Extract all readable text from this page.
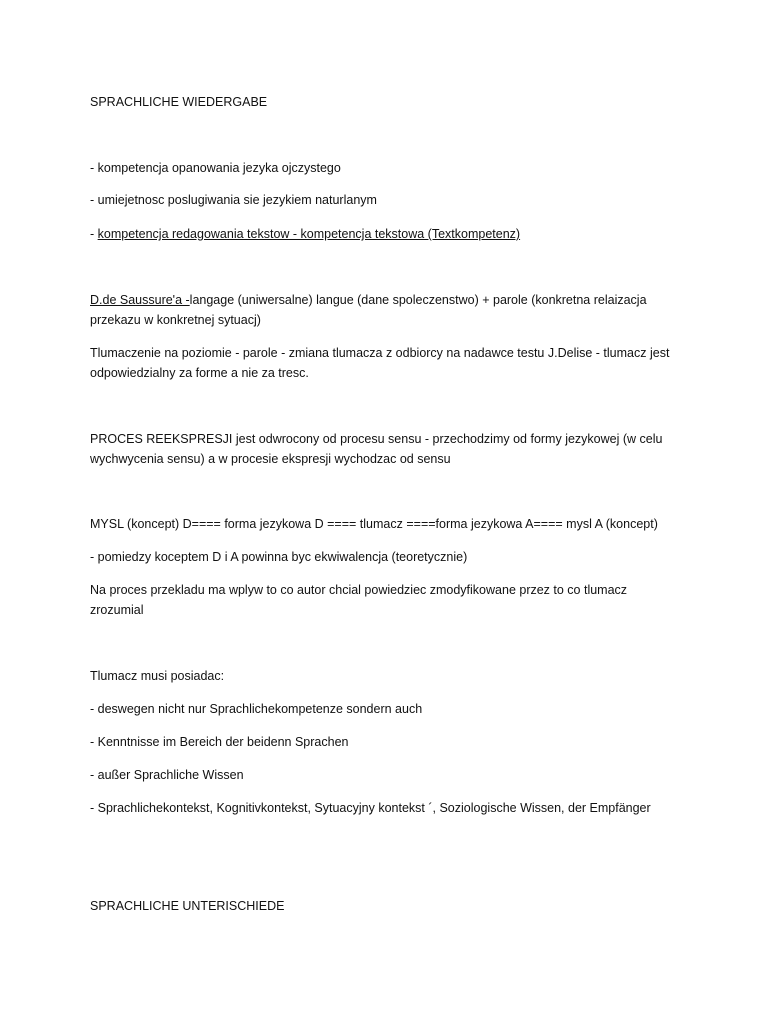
SPRACHLICHE WIEDERGABE

- kompetencja opanowania jezyka ojczystego

- umiejetnosc poslugiwania sie jezykiem naturlanym

- kompetencja redagowania tekstow - kompetencja tekstowa (Textkompetenz)

D.de Saussure'a -langage (uniwersalne) langue (dane spoleczenstwo) + parole (konkretna relaizacja

przekazu w konkretnej sytuacj)

Tlumaczenie na poziomie - parole - zmiana tlumacza z odbiorcy na nadawce testu J.Delise - tlumacz jest

odpowiedzialny za forme a nie za tresc.

PROCES REEKSPRESJI jest odwrocony od procesu sensu - przechodzimy od formy jezykowej (w celu

wychwycenia sensu) a w procesie ekspresji wychodzac od sensu

MYSL (koncept) D==== forma jezykowa D ==== tlumacz ====forma jezykowa A==== mysl A (koncept)

- pomiedzy koceptem D i A powinna byc ekwiwalencja (teoretycznie)

Na proces przekladu ma wplyw to co autor chcial powiedziec zmodyfikowane przez to co tlumacz

zrozumial

Tlumacz musi posiadac:

- deswegen nicht nur Sprachlichekompetenze sondern auch

- Kenntnisse im Bereich der beidenn Sprachen

- außer Sprachliche Wissen

- Sprachlichekontekst, Kognitivkontekst, Sytuacyjny kontekst ´, Soziologische Wissen, der Empfänger

SPRACHLICHE UNTERISCHIEDE
